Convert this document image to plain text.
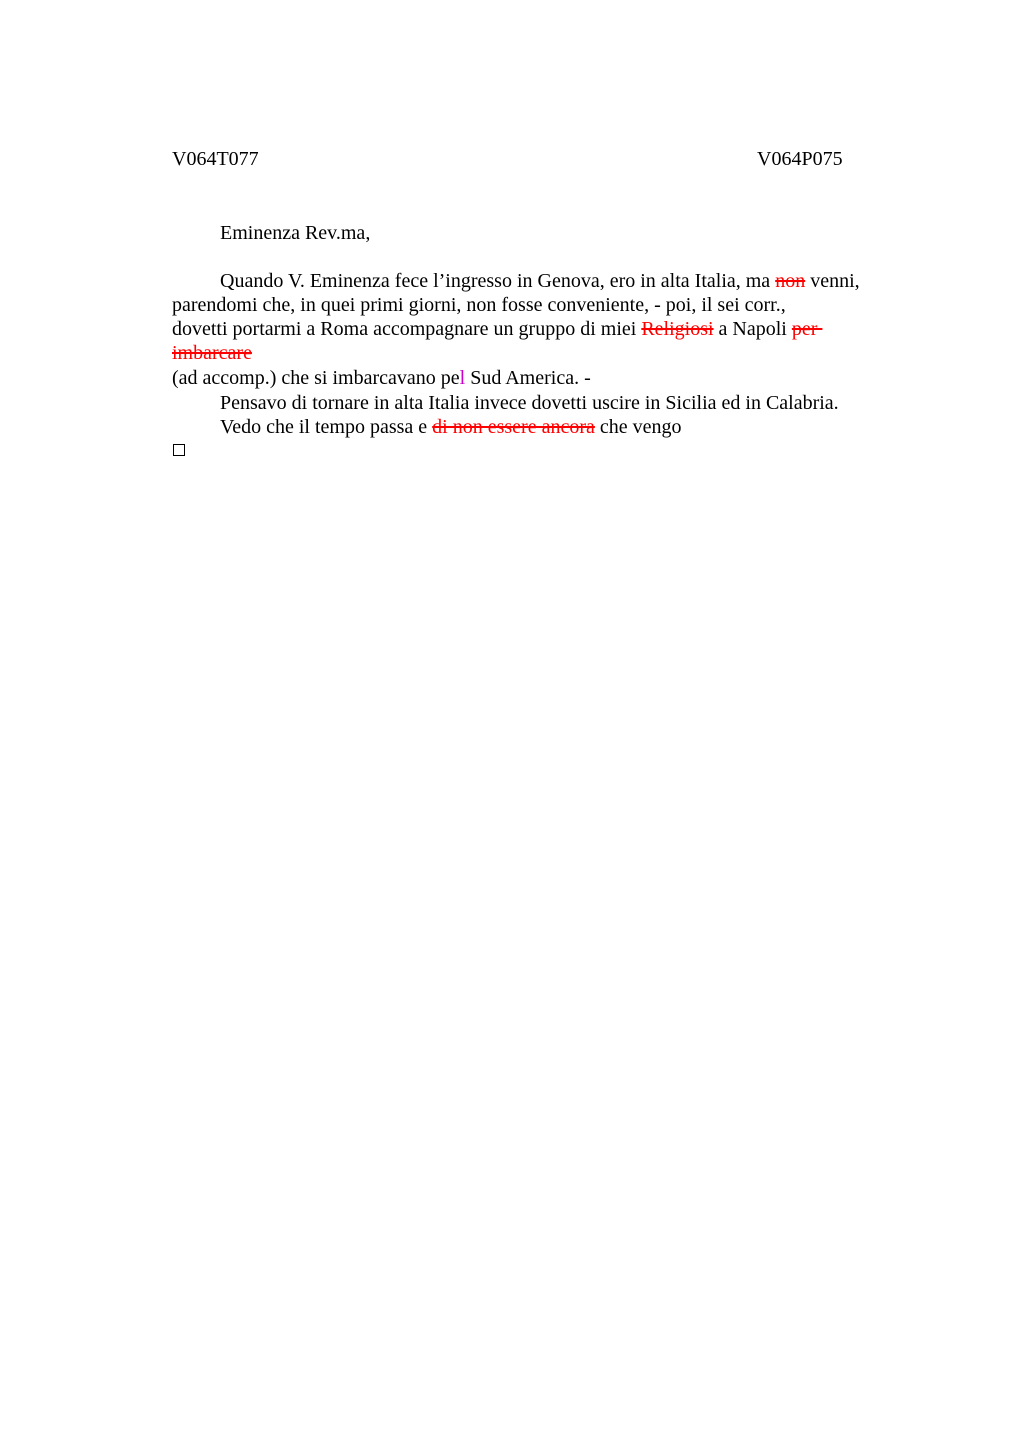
V064T077	V064P075
Eminenza Rev.ma,
Quando V. Eminenza fece l’ingresso in Genova, ero in alta Italia, ma non venni,
parendomi che, in quei primi giorni, non fosse conveniente, - poi, il sei corr.,
dovetti portarmi a Roma accompagnare un gruppo di miei Religiosi a Napoli per
imbarcare
(ad accomp.) che si imbarcavano pel Sud America. -
Pensavo di tornare in alta Italia invece dovetti uscire in Sicilia ed in Calabria.
Vedo che il tempo passa e di non essere ancora che vengo
